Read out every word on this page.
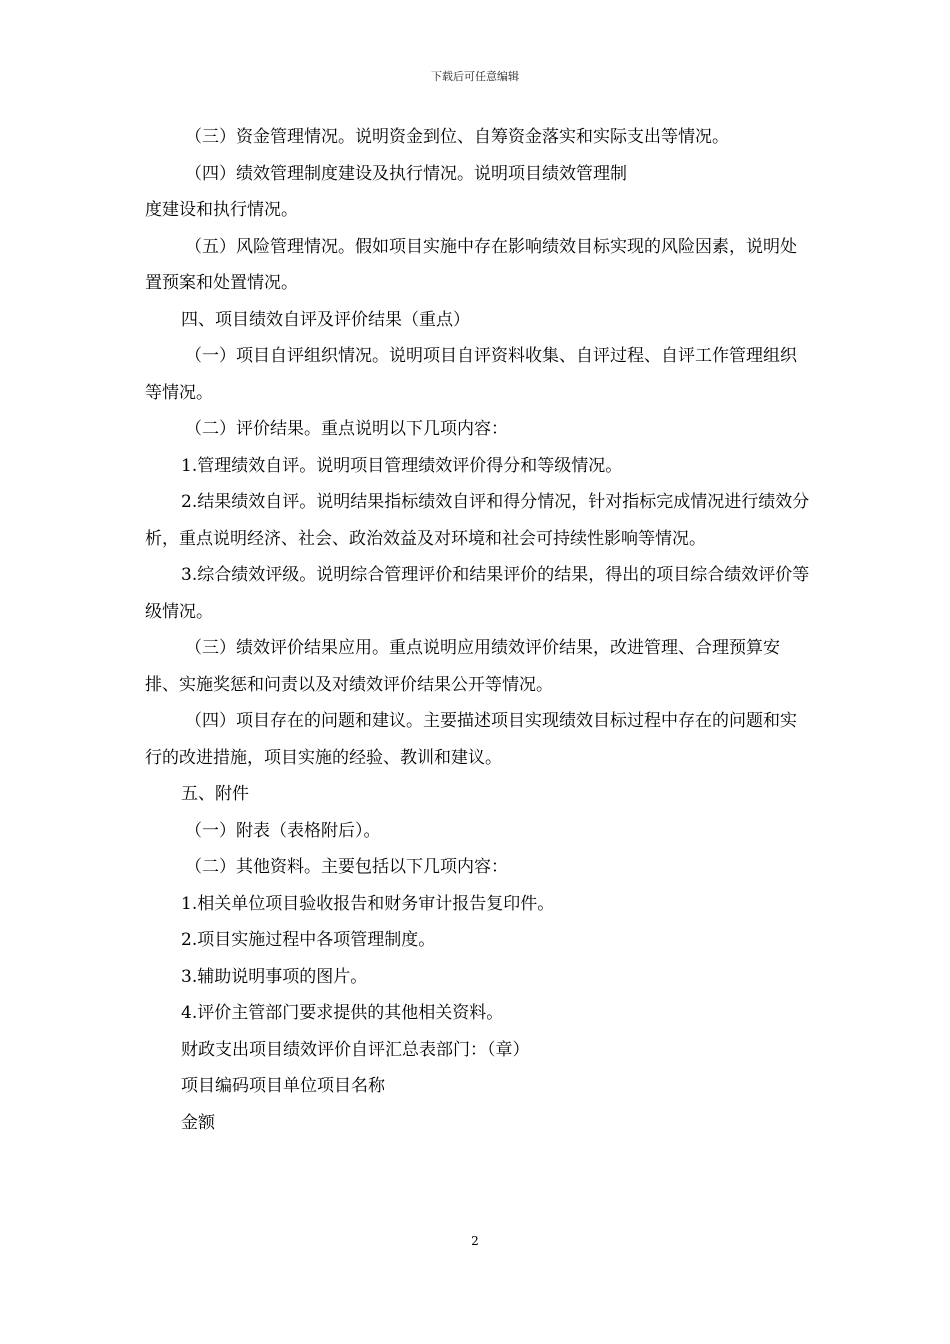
下载后可任意编辑

（三）资金管理情况。说明资金到位、自筹资金落实和实际支出等情况。

（四）绩效管理制度建设及执行情况。说明项目绩效管理制

度建设和执行情况。

（五）风险管理情况。假如项目实施中存在影响绩效目标实现的风险因素，说明处置预案和处置情况。

四、项目绩效自评及评价结果（重点）

（一）项目自评组织情况。说明项目自评资料收集、自评过程、自评工作管理组织等情况。

（二）评价结果。重点说明以下几项内容：

1.管理绩效自评。说明项目管理绩效评价得分和等级情况。

2.结果绩效自评。说明结果指标绩效自评和得分情况，针对指标完成情况进行绩效分析，重点说明经济、社会、政治效益及对环境和社会可持续性影响等情况。

3.综合绩效评级。说明综合管理评价和结果评价的结果，得出的项目综合绩效评价等级情况。

（三）绩效评价结果应用。重点说明应用绩效评价结果，改进管理、合理预算安排、实施奖惩和问责以及对绩效评价结果公开等情况。

（四）项目存在的问题和建议。主要描述项目实现绩效目标过程中存在的问题和实行的改进措施，项目实施的经验、教训和建议。

五、附件

（一）附表（表格附后）。

（二）其他资料。主要包括以下几项内容：

1.相关单位项目验收报告和财务审计报告复印件。

2.项目实施过程中各项管理制度。

3.辅助说明事项的图片。

4.评价主管部门要求提供的其他相关资料。

财政支出项目绩效评价自评汇总表部门：（章）

项目编码项目单位项目名称

金额

2
